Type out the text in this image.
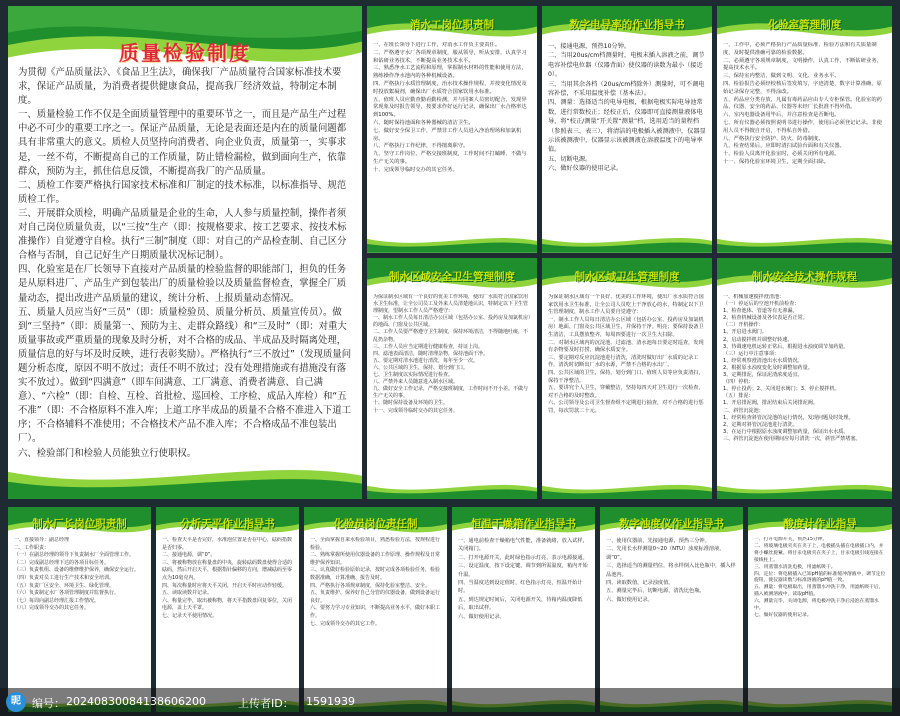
质量检验制度

为贯彻《产品质量法》、《食品卫生法》，确保我厂产品质量符合国家标准技术要求，保证产品质量，为消费者提供健康食品，提高我厂经济效益，特制定本制度。
一、质量检验工作不仅是全面质量管理中的重要环节之一，而且是产品生产过程中必不可少的重要工序之一。保证产品质量，无论是表面还是内在的质量问题都具有非常重大的意义。质检人员坚持向消费者、向企业负责，质量第一，实事求是，一丝不苟，不断提高自己的工作质量，防止错检漏检，做到面向生产，依靠群众，预防为主，抓住信息反馈，不断提高我厂的产品质量。
二、质检工作要严格执行国家技术标准和厂制定的技术标准，以标准指导、规范质检工作。
三、开展群众质检，明确产品质量是企业的生命，人人参与质量控制，操作者须对自己岗位质量负责，以“三按”生产（即：按规格要求、按工艺要求、按技术标准操作）自觉遵守自检。执行“三制”制度（即：对自己的产品检查制、自己区分合格与否制，自己记好生产日期质量状况标记制）。
四、化验室是在厂长领导下直接对产品质量的检验监督的职能部门，担负的任务是从原料进厂、产品生产到包装出厂的质量检验以及质量监督检查，掌握全厂质量动态，提出改进产品质量的建议，统计分析、上报质量动态情况。
五、质量人员应当好“三员”（即：质量检验员、质量分析员、质量宣传员）。做到“三坚持”（即：质量第一、预防为主、走群众路线）和“三及时”（即：对重大质量事故或严重质量的现象及时分析，对不合格的成品、半成品及时隔离处理，质量信息的好与坏及时反映，进行表彰奖励）。严格执行“三不放过”（发现质量问题分析态度，原因不明不放过；责任不明不放过；没有处理措施或有措施没有落实不放过）。做到“四满意”（即车间满意、工厂满意、消费者满意、自己满意）、“六检”（即：自检、互检、首批检、巡回检、工序检、成品入库检）和“五不准”（即：不合格原料不准入库；上道工序半成品的质量不合格不准进入下道工序；不合格辅料不准使用；不合格技术产品不准入库；不合格成品不准包装出厂）。
六、检验部门和检验人员能独立行使职权。

消水工岗位职责制

一、在班长领导下进行工作，对消水工作负主要责任。
二、严格遵守水厂各项规章制度，服从领导，听从安排，认真学习和钻研业务技术，不断提高业务技术水平。
三、熟悉净水工艺流程和原理，掌握制水材料的性能和使用方法，熟练操作净水池内的各种机械设备。
四、严格执行水质管理制度，治水技术操作规程，并按变化情况及时投放絮凝剂，确保出厂水质符合国家饮用水标准。
五、值班人员应勤查勤看勤检测，并与同案人员密切配合，发现异常现象及时报告领导，按要求作好运行记录，确保出厂水合格率达到100%。
六、随时保持池面和各种器械的清洁卫生。
七、做好安全保卫工作，严禁非工作人员进入净治理场和加氯机房。
八、严格执行工作纪律，不得擅离职守。
九、坚守工作岗位，严格交接班制度，工作时间不打瞌睡、不做与生产无关的事。
十、完成领导临时交办的其它任务。

数字电导率的作业指导书

一、接通电源，预热10分钟。
二、当用20us/cm档测量时，电极末插入溶液之前，调节电容补偿电位器（仪器背面）使仪器的读数为最小（接近0）。
三、当用其余各档（20us/cm档除外）测量时，可不调电容补偿，不采用温度补偿（基本法）。
四、测量：选择适当的电导电极，根据电极实际电导池常数，进行常数校正；经校正后，仪器即可直接测量液体电导，将“校正/测量”开关置“测量”档，选用适当的量程档（参照表三、表三），将清洁的电极插入被测液中，仪器显示该被测液中，仪器显示该被测液在溶液温度下的电导率值。
五、切断电源。
六、做好仪器的使用记录。

化验室管理制度

一、工作中，必须严格执行产品质量标准、检验方法和有关质量制度，及时提供准确可靠的检验数据。
二、必须遵守各项规章制度，文明操作，认真工作，不断钻研业务，提高技术水平。
三、保持室内整洁，做到文明、文化、业务水平。
四、检验报告必须经校核后签发填写，字迹清楚，数字计算准确，原始记录保存完整，不得涂改。
五、药品应分类存放，凡属有毒药品应由专人专柜保管。化验室的药品、仪器、安全的药品、仪器等未经厂长批准不得外借。
六、室内电器设备用毕后，并注意检查是否断电。
七、所有仪器必须按照说明书进行操作，使用后必须登记记录。非使用人员不得擅自开启，不得私自外借。
八、严格执行安全防护、防火、防毒制度。
九、检查结果后，应即时清扫试验台面和有关仪器。
十、检验人员离开化验室时，必须关闭所有电源。
十一、保持化验室环境卫生，定期全面扫除。

制水区域安全卫生管理制度

为保证制水区域有一个良好的优美工作环境，使出厂水质符合国家饮用水卫生标准，让全公司员工及外来人员清楚地认识，特制定以下卫生管理制度，望制水工作人员严格遵守：
一、制水工作人员每日清洁办公区域（包括办公室、投药房及加氯机房）的地面、门窗及公共区域。
二、工作人员要严格遵守卫生制度，保持环境清洁，不得随地吐痰，不乱扔杂物。
三、工作人员应当定期进行健康检查，持证上岗。
四、滤池表面清洁，随时清理杂物，保持池面干净。
五、要定期对清水池进行清洗，每年至少一次。
六、公共区域的卫生，保持、划分到门口。
七、卫生制度以实际情况进行检查。
八、严禁外来人员随意进入制水区域。
九、做好安全工作记录，严格交接班制度，工作时间不开小差。不做与生产无关的事。
十、随时保持设备及环境的卫生。
十一、完成领导临时交办的其它任务。

制水区域卫生管理制度

为保证制水区域有一个良好、优美的工作环境，使出厂水水质符合国家饮用水卫生标准，让全公司人员吃上干净放心的水，特制定以下卫生管理制度，制水工作人员要自觉遵守：
一、制水工作人员每日清洁办公区域（包括办公室、投药房及加氯机房）地面、门窗及公共区域卫生，并保持干净。明亮；要保持设备卫生清洁，工具摆放整齐，每周四要进行一次卫生大扫除。
二、对制水区域内的沉淀池、过滤池、清水池每日要定时巡查，发现有杂物要及时打捞，确保水质安全。
三、要定期对反应沉淀池进行清洗，清洗时做好出厂水质的记录工作，清洗时切断出厂水的水源，严禁不合格的水出厂。
四、公共区域的卫生，保持、划分到门口、值班人员等应负责清扫，保持干净整洁。
五、要讲究个人卫生，穿戴整洁，坚持每四天对卫生进行一次检查，对不合格的及时整改。
六、公司领导及公司卫生督查组不定期进行抽查，对不合格的进行惩罚，每次罚款二十元。

制水安全技术操作规程

一、机械加速搅拌澄清池：
（一）停运后的空池开机前检查：
1、检查池体、管道等有无渗漏。
2、检查机械设备及各仪表是否正常。
（二）开机操作：
1、开启进水阀门。
2、启动搅拌机并调整好转速。
3、待调速电机运转正常后，根据进水浊度调节加药量。
（三）运行中注意事项：
1、经常观察澄清池出水水质情况。
2、根据原水浊度变化及时调整加药量。
3、定期排泥，保证泥渣浓度适宜。
（四）停机：
1、停止投药；2、关闭进水阀门；3、停止搅拌机。
（五）排泥：
1、开启排泥阀，排泥结束后关闭排泥阀。
二、斜管沉淀池：
1、经常检查斜管沉淀池的运行情况，发现问题及时处理。
2、定期对斜管沉淀池进行清洗。
3、在运行中根据原水浊度调整加药量，保证出水水质。
三、斜管沉淀池在使用期间应每月清洗一次，斜管严禁堵塞。

制水厂长岗位职责制

一、直接领导：副总经理
二、工作职责：
（一）在副总经理的领导下负责制水厂全面管理工作。
（二）完成副总经理下达的各项目标任务。
（三）负责机组、设备的维修维护保养，确保安全运行。
（四）负责对员工进行生产技术和安全培训。
（五）负责厂区安全、环境卫生、绿化管理。
（六）负责制定水厂各项管理制度并监督执行。
（七）每周向副总经理汇报工作情况。
（八）完成领导交办的其它任务。

分析天平作业指导书

一、检查天平是否完好，水准泡位置是否在中心，砝码指数是否归零。
二、接通电源，调“0”。
三、将被称物放在称量盘的中央，旋转砝码数盘使得合适的砝码，然后开启天平，根据指针偏移的方向，增减砝码至零点为10毫克内。
四、每次称量时应将天平关闭，开启天平时应动作轻缓。
五、读取读数并记录。
六、称量完毕，取出被称物，将天平指数盘回复零位，关闭电源，盖上天平罩。
七、记录天平使用情况。

化验员岗位责任制

一、全面掌握自来水检验项目，熟悉检验方法，按规程进行检验。
二、熟练掌握所使用仪器设备的工作原理、操作规程及日常维护保养知识。
三、认真做好检验原始记录，按时完成各项检验任务，检验数据准确，计算准确、报告及时。
四、严格执行各项规章制度，保持化验室整洁、安全。
五、负责维护、保养好自己分管的仪器设备，做到设备运行良好。
六、要努力学习专业知识，不断提高业务水平，做好本职工作。
七、完成领导交办的其它工作。

恒温干燥箱作业指导书

一、通电前检查干燥箱电气性能，准备就绪，放入试样，关闭箱门。
二、打开电源开关，此时绿色指示灯亮，表示电源接通。
三、设定温度，按下设定键，调节到所需温度，箱内开始升温。
四、当温度达到设定值时，红色指示灯亮，恒温开始计时。
五、到达规定时间后，关闭电源开关，待箱内温度降低后，取出试样。
六、做好使用记录。

数字浊度仪作业指导书

一、使用仪器前，先接通电源，预热三分钟。
二、先用长水样测量0~20（NTU）浊度标准溶液，调“0”。
三、选择适当的测量档位，将水样倒入比色瓶中，插入样品池内。
四、读取数值，记录浊度值。
五、测量完毕后，切断电源，清洗比色瓶。
六、做好使用记录。

酸度计作业指导

一、打开电源开关，预热15分钟。
二、将玻璃电极夹夹在夹子上，电极插头插在电极插口内，并将小螺丝旋紧。将甘汞电极夹在夹子上，甘汞电极引线连接在接线柱上。
三、用蒸馏水清洗电极，用滤纸吸干。
四、定位：将电极插入已知pH值的标准缓冲溶液中，调节定位旋钮，使仪器读数与标准溶液的pH值一致。
五、测量：将电极取出，用蒸馏水冲洗干净，用滤纸吸干后，插入被测溶液中，读取pH值。
六、测量完毕，关闭电源，将电极冲洗干净后浸泡在蒸馏水中。
七、做好仪器的使用记录。

昵	编号： 20240830084138606200	上传者ID： 1591939
